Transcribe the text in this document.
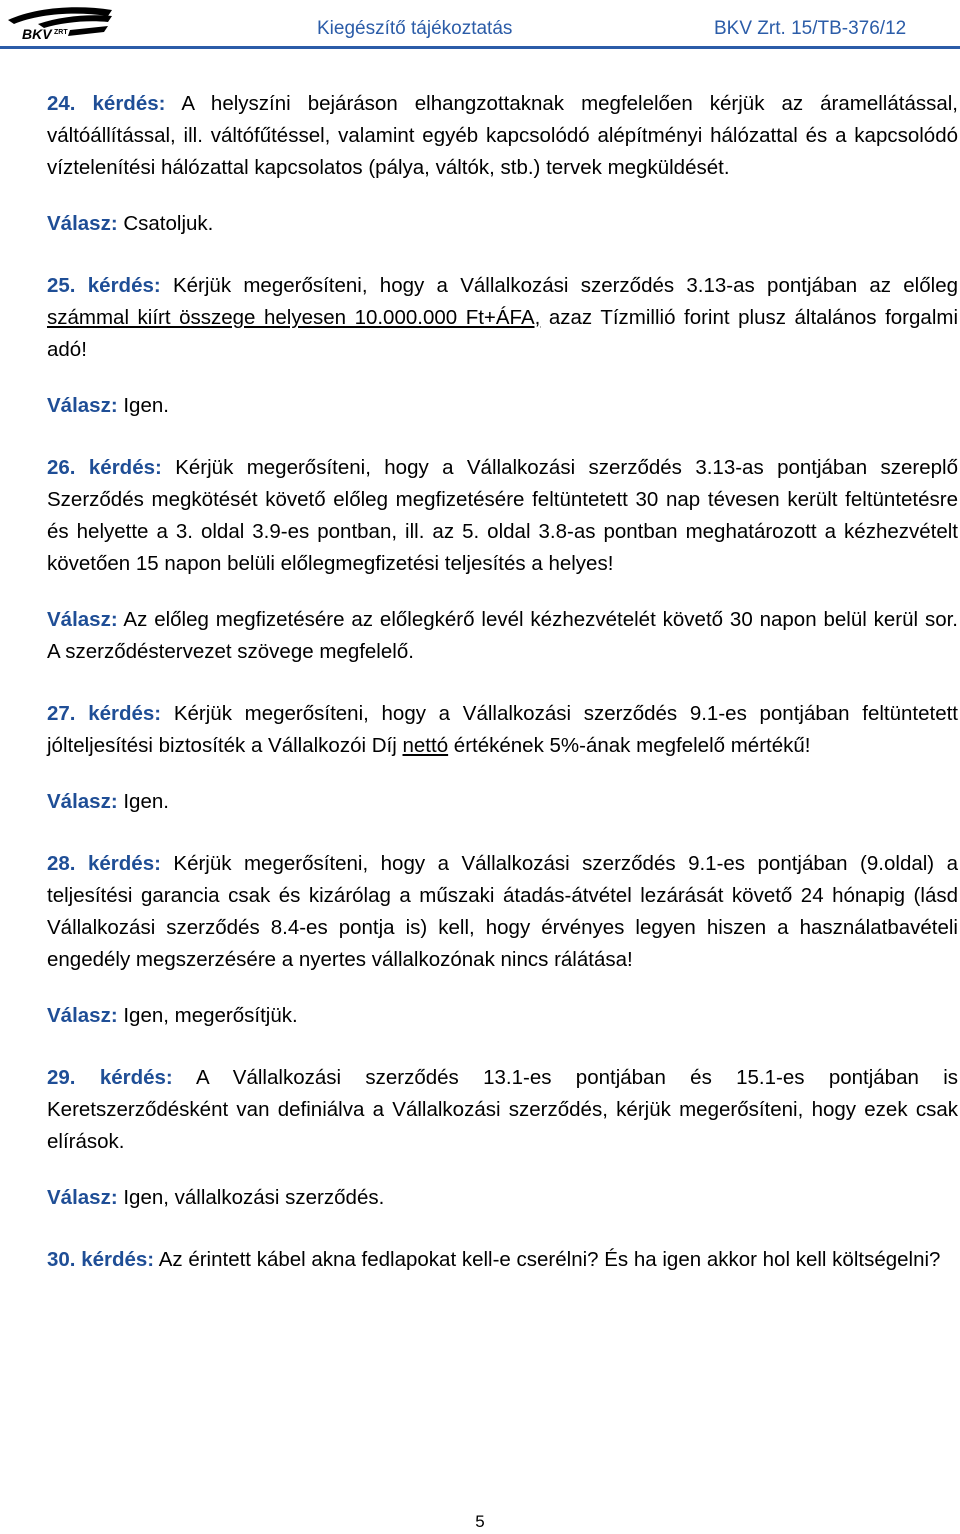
BKV ZRT	Kiegészítő tájékoztatás	BKV Zrt. 15/TB-376/12

24. kérdés: A helyszíni bejáráson elhangzottaknak megfelelően kérjük az áramellátással, váltóállítással, ill. váltófűtéssel, valamint egyéb kapcsolódó alépítményi hálózattal és a kapcsolódó víztelenítési hálózattal kapcsolatos (pálya, váltók, stb.) tervek megküldését.

Válasz: Csatoljuk.

25. kérdés: Kérjük megerősíteni, hogy a Vállalkozási szerződés 3.13-as pontjában az előleg számmal kiírt összege helyesen 10.000.000 Ft+ÁFA, azaz Tízmillió forint plusz általános forgalmi adó!

Válasz: Igen.

26. kérdés: Kérjük megerősíteni, hogy a Vállalkozási szerződés 3.13-as pontjában szereplő Szerződés megkötését követő előleg megfizetésére feltüntetett 30 nap tévesen került feltüntetésre és helyette a 3. oldal 3.9-es pontban, ill. az 5. oldal 3.8-as pontban meghatározott a kézhezvételt követően 15 napon belüli előlegmegfizetési teljesítés a helyes!

Válasz: Az előleg megfizetésére az előlegkérő levél kézhezvételét követő 30 napon belül kerül sor. A szerződéstervezet szövege megfelelő.

27. kérdés: Kérjük megerősíteni, hogy a Vállalkozási szerződés 9.1-es pontjában feltüntetett jólteljesítési biztosíték a Vállalkozói Díj nettó értékének 5%-ának megfelelő mértékű!

Válasz: Igen.

28. kérdés: Kérjük megerősíteni, hogy a Vállalkozási szerződés 9.1-es pontjában (9.oldal) a teljesítési garancia csak és kizárólag a műszaki átadás-átvétel lezárását követő 24 hónapig (lásd Vállalkozási szerződés 8.4-es pontja is) kell, hogy érvényes legyen hiszen a használatbavételi engedély megszerzésére a nyertes vállalkozónak nincs rálátása!

Válasz: Igen, megerősítjük.

29. kérdés: A Vállalkozási szerződés 13.1-es pontjában és 15.1-es pontjában is Keretszerződésként van definiálva a Vállalkozási szerződés, kérjük megerősíteni, hogy ezek csak elírások.

Válasz: Igen, vállalkozási szerződés.

30. kérdés: Az érintett kábel akna fedlapokat kell-e cserélni? És ha igen akkor hol kell költségelni?

5
